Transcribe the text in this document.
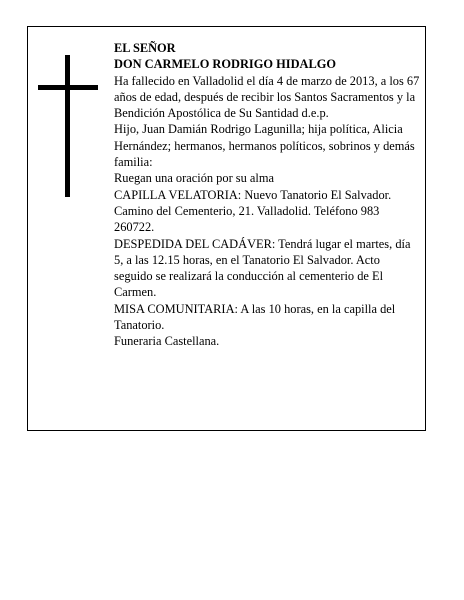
EL SEÑOR

DON CARMELO RODRIGO HIDALGO

Ha fallecido en Valladolid el día 4 de marzo de 2013, a los 67 años de edad, después de recibir los Santos Sacramentos y la Bendición Apostólica de Su Santidad d.e.p.

Hijo, Juan Damián Rodrigo Lagunilla; hija política, Alicia Hernández; hermanos, hermanos políticos, sobrinos y demás familia:

Ruegan una oración por su alma

CAPILLA VELATORIA: Nuevo Tanatorio El Salvador. Camino del Cementerio, 21. Valladolid. Teléfono 983 260722.

DESPEDIDA DEL CADÁVER: Tendrá lugar el martes, día 5, a las 12.15 horas, en el Tanatorio El Salvador. Acto seguido se realizará la conducción al cementerio de El Carmen.

MISA COMUNITARIA: A las 10 horas, en la capilla del Tanatorio.

Funeraria Castellana.
